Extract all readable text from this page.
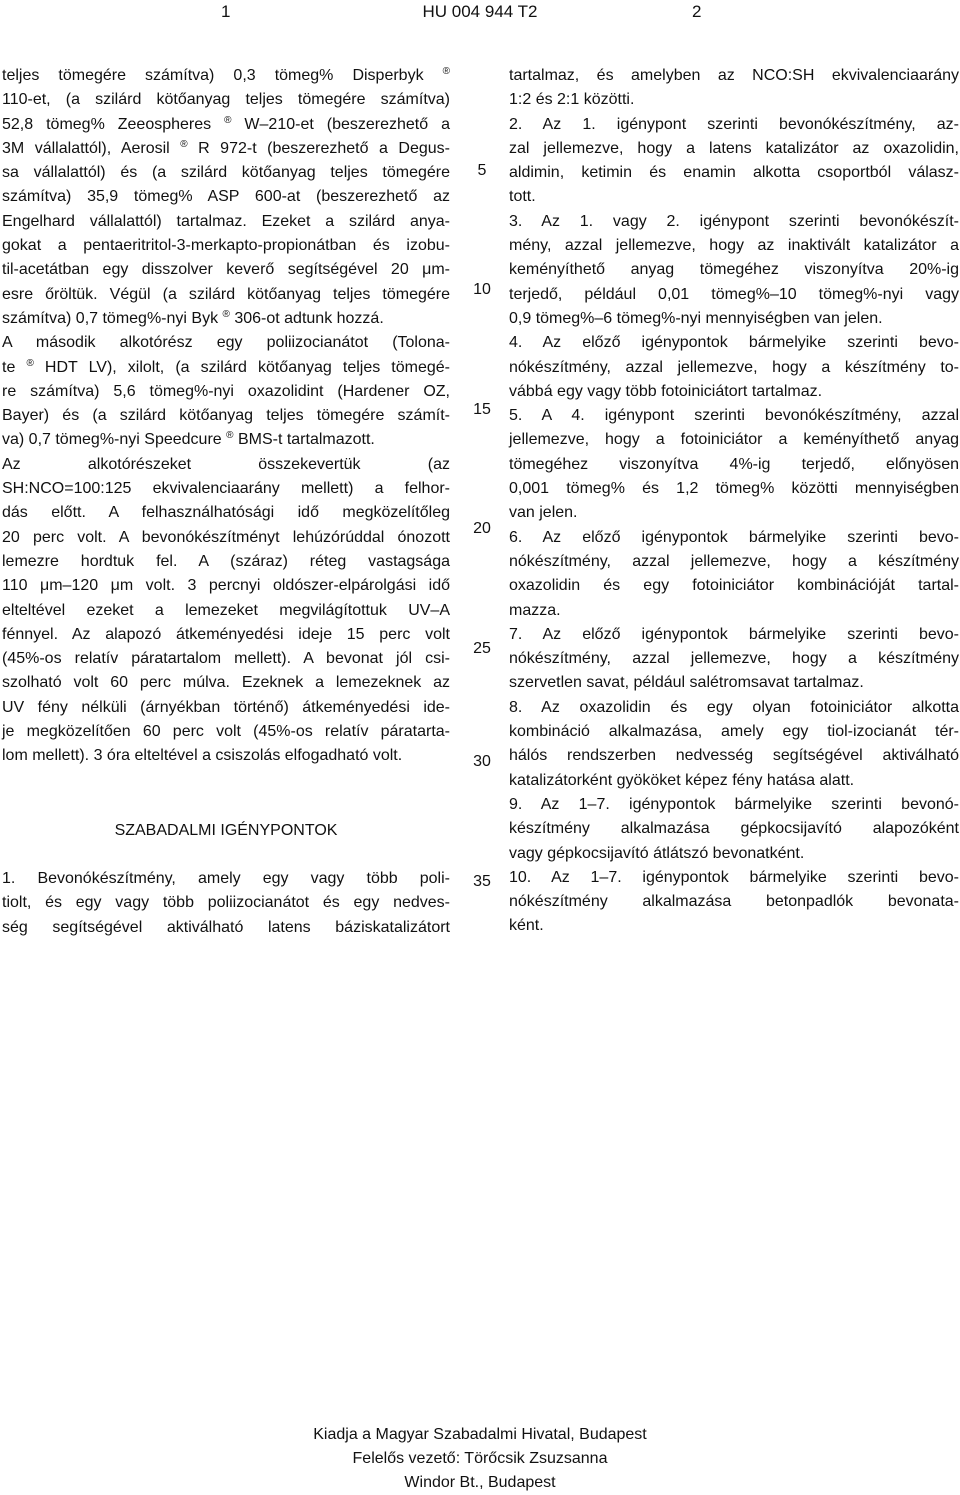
1	HU 004 944 T2	2
teljes tömegére számítva) 0,3 tömeg% Disperbyk ®
110-et, (a szilárd kötőanyag teljes tömegére számítva)
52,8 tömeg% Zeeospheres ® W–210-et (beszerezhető a
3M vállalattól), Aerosil ® R 972-t (beszerezhető a Degus-
sa vállalattól) és (a szilárd kötőanyag teljes tömegére
számítva) 35,9 tömeg% ASP 600-at (beszerezhető az
Engelhard vállalattól) tartalmaz. Ezeket a szilárd anya-
gokat a pentaeritritol-3-merkapto-propionátban és izobu-
til-acetátban egy disszolver keverő segítségével 20 μm-
esre őröltük. Végül (a szilárd kötőanyag teljes tömegére
számítva) 0,7 tömeg%-nyi Byk ® 306-ot adtunk hozzá.
A második alkotórész egy poliizocianátot (Tolona-
te ® HDT LV), xilolt, (a szilárd kötőanyag teljes tömegé-
re számítva) 5,6 tömeg%-nyi oxazolidint (Hardener OZ,
Bayer) és (a szilárd kötőanyag teljes tömegére számít-
va) 0,7 tömeg%-nyi Speedcure ® BMS-t tartalmazott.
Az alkotórészeket összekevertük (az
SH:NCO=100:125 ekvivalenciaarány mellett) a felhor-
dás előtt. A felhasználhatósági idő megközelítőleg
20 perc volt. A bevonókészítményt lehúzórúddal ónozott
lemezre hordtuk fel. A (száraz) réteg vastagsága
110 μm–120 μm volt. 3 percnyi oldószer-elpárolgási idő
elteltével ezeket a lemezeket megvilágítottuk UV–A
fénnyel. Az alapozó átkeményedési ideje 15 perc volt
(45%-os relatív páratartalom mellett). A bevonat jól csi-
szolható volt 60 perc múlva. Ezeknek a lemezeknek az
UV fény nélküli (árnyékban történő) átkeményedési ide-
je megközelítően 60 perc volt (45%-os relatív páratarta-
lom mellett). 3 óra elteltével a csiszolás elfogadható volt.
SZABADALMI IGÉNYPONTOK
1. Bevonókészítmény, amely egy vagy több poli-
tiolt, és egy vagy több poliizocianátot és egy nedves-
ség segítségével aktiválható latens báziskatalizátort
tartalmaz, és amelyben az NCO:SH ekvivalenciaarány
1:2 és 2:1 közötti.
2. Az 1. igénypont szerinti bevonókészítmény, az-
zal jellemezve, hogy a latens katalizátor az oxazolidin,
aldimin, ketimin és enamin alkotta csoportból válasz-
tott.
3. Az 1. vagy 2. igénypont szerinti bevonókészít-
mény, azzal jellemezve, hogy az inaktivált katalizátor a
keményíthető anyag tömegéhez viszonyítva 20%-ig
terjedő, például 0,01 tömeg%–10 tömeg%-nyi vagy
0,9 tömeg%–6 tömeg%-nyi mennyiségben van jelen.
4. Az előző igénypontok bármelyike szerinti bevo-
nókészítmény, azzal jellemezve, hogy a készítmény to-
vábbá egy vagy több fotoiniciátort tartalmaz.
5. A 4. igénypont szerinti bevonókészítmény, azzal
jellemezve, hogy a fotoiniciátor a keményíthető anyag
tömegéhez viszonyítva 4%-ig terjedő, előnyösen
0,001 tömeg% és 1,2 tömeg% közötti mennyiségben
van jelen.
6. Az előző igénypontok bármelyike szerinti bevo-
nókészítmény, azzal jellemezve, hogy a készítmény
oxazolidin és egy fotoiniciátor kombinációját tartal-
mazza.
7. Az előző igénypontok bármelyike szerinti bevo-
nókészítmény, azzal jellemezve, hogy a készítmény
szervetlen savat, például salétromsavat tartalmaz.
8. Az oxazolidin és egy olyan fotoiniciátor alkotta
kombináció alkalmazása, amely egy tiol-izocianát tér-
hálós rendszerben nedvesség segítségével aktiválható
katalizátorként gyököket képez fény hatása alatt.
9. Az 1–7. igénypontok bármelyike szerinti bevonó-
készítmény alkalmazása gépkocsijavító alapozóként
vagy gépkocsijavító átlátszó bevonatként.
10. Az 1–7. igénypontok bármelyike szerinti bevo-
nókészítmény alkalmazása betonpadlók bevonata-
ként.
5
10
15
20
25
30
35
Kiadja a Magyar Szabadalmi Hivatal, Budapest
Felelős vezető: Törőcsik Zsuzsanna
Windor Bt., Budapest
